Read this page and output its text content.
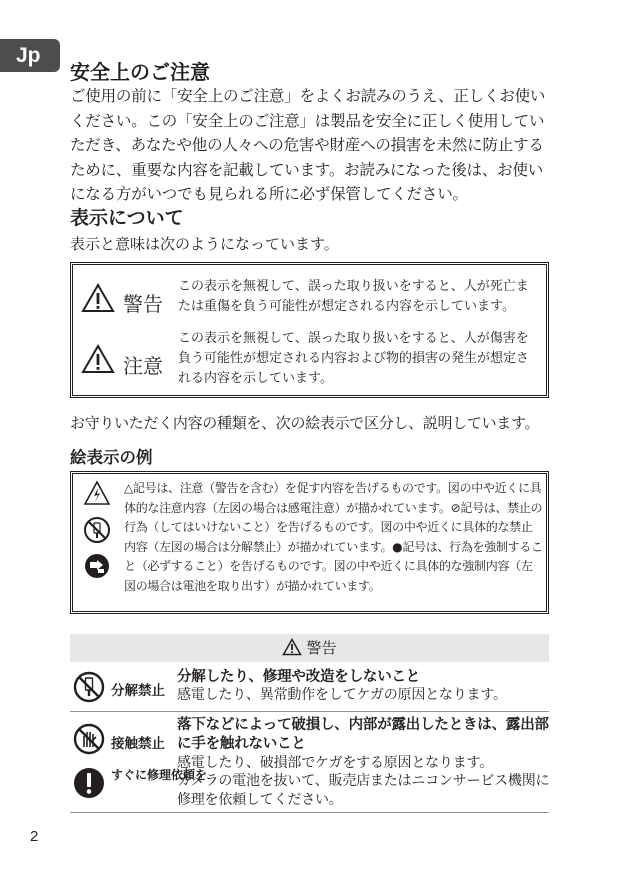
Jp
安全上のご注意

ご使用の前に「安全上のご注意」をよくお読みのうえ、正しくお使いください。この「安全上のご注意」は製品を安全に正しく使用していただき、あなたや他の人々への危害や財産への損害を未然に防止するために、重要な内容を記載しています。お読みになった後は、お使いになる方がいつでも見られる所に必ず保管してください。

表示について

表示と意味は次のようになっています。

警告
この表示を無視して、誤った取り扱いをすると、人が死亡または重傷を負う可能性が想定される内容を示しています。
注意
この表示を無視して、誤った取り扱いをすると、人が傷害を負う可能性が想定される内容および物的損害の発生が想定される内容を示しています。

お守りいただく内容の種類を、次の絵表示で区分し、説明しています。

絵表示の例
△記号は、注意（警告を含む）を促す内容を告げるものです。図の中や近くに具体的な注意内容（左図の場合は感電注意）が描かれています。⊘記号は、禁止の行為（してはいけないこと）を告げるものです。図の中や近くに具体的な禁止内容（左図の場合は分解禁止）が描かれています。●記号は、行為を強制すること（必ずすること）を告げるものです。図の中や近くに具体的な強制内容（左図の場合は電池を取り出す）が描かれています。
警告
分解禁止
分解したり、修理や改造をしないこと
感電したり、異常動作をしてケガの原因となります。
接触禁止
落下などによって破損し、内部が露出したときは、露出部に手を触れないこと
感電したり、破損部でケガをする原因となります。
すぐに修理依頼を
カメラの電池を抜いて、販売店またはニコンサービス機関に修理を依頼してください。
2
